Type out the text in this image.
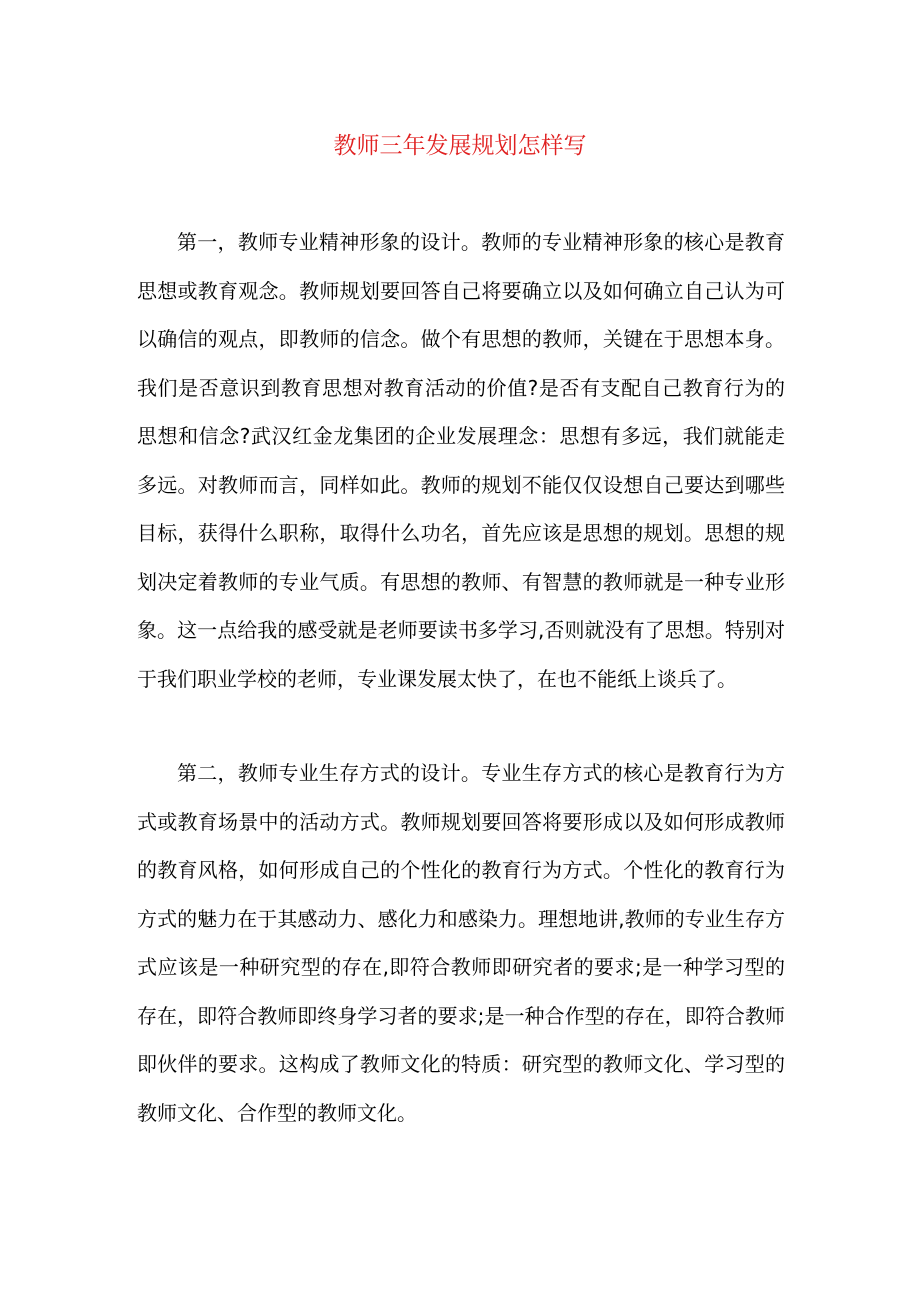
教师三年发展规划怎样写

第一，教师专业精神形象的设计。教师的专业精神形象的核心是教育思想或教育观念。教师规划要回答自己将要确立以及如何确立自己认为可以确信的观点，即教师的信念。做个有思想的教师，关键在于思想本身。我们是否意识到教育思想对教育活动的价值?是否有支配自己教育行为的思想和信念?武汉红金龙集团的企业发展理念：思想有多远，我们就能走多远。对教师而言，同样如此。教师的规划不能仅仅设想自己要达到哪些目标，获得什么职称，取得什么功名，首先应该是思想的规划。思想的规划决定着教师的专业气质。有思想的教师、有智慧的教师就是一种专业形象。这一点给我的感受就是老师要读书多学习,否则就没有了思想。特别对于我们职业学校的老师，专业课发展太快了，在也不能纸上谈兵了。

第二，教师专业生存方式的设计。专业生存方式的核心是教育行为方式或教育场景中的活动方式。教师规划要回答将要形成以及如何形成教师的教育风格，如何形成自己的个性化的教育行为方式。个性化的教育行为方式的魅力在于其感动力、感化力和感染力。理想地讲,教师的专业生存方式应该是一种研究型的存在,即符合教师即研究者的要求;是一种学习型的存在，即符合教师即终身学习者的要求;是一种合作型的存在，即符合教师即伙伴的要求。这构成了教师文化的特质：研究型的教师文化、学习型的教师文化、合作型的教师文化。
